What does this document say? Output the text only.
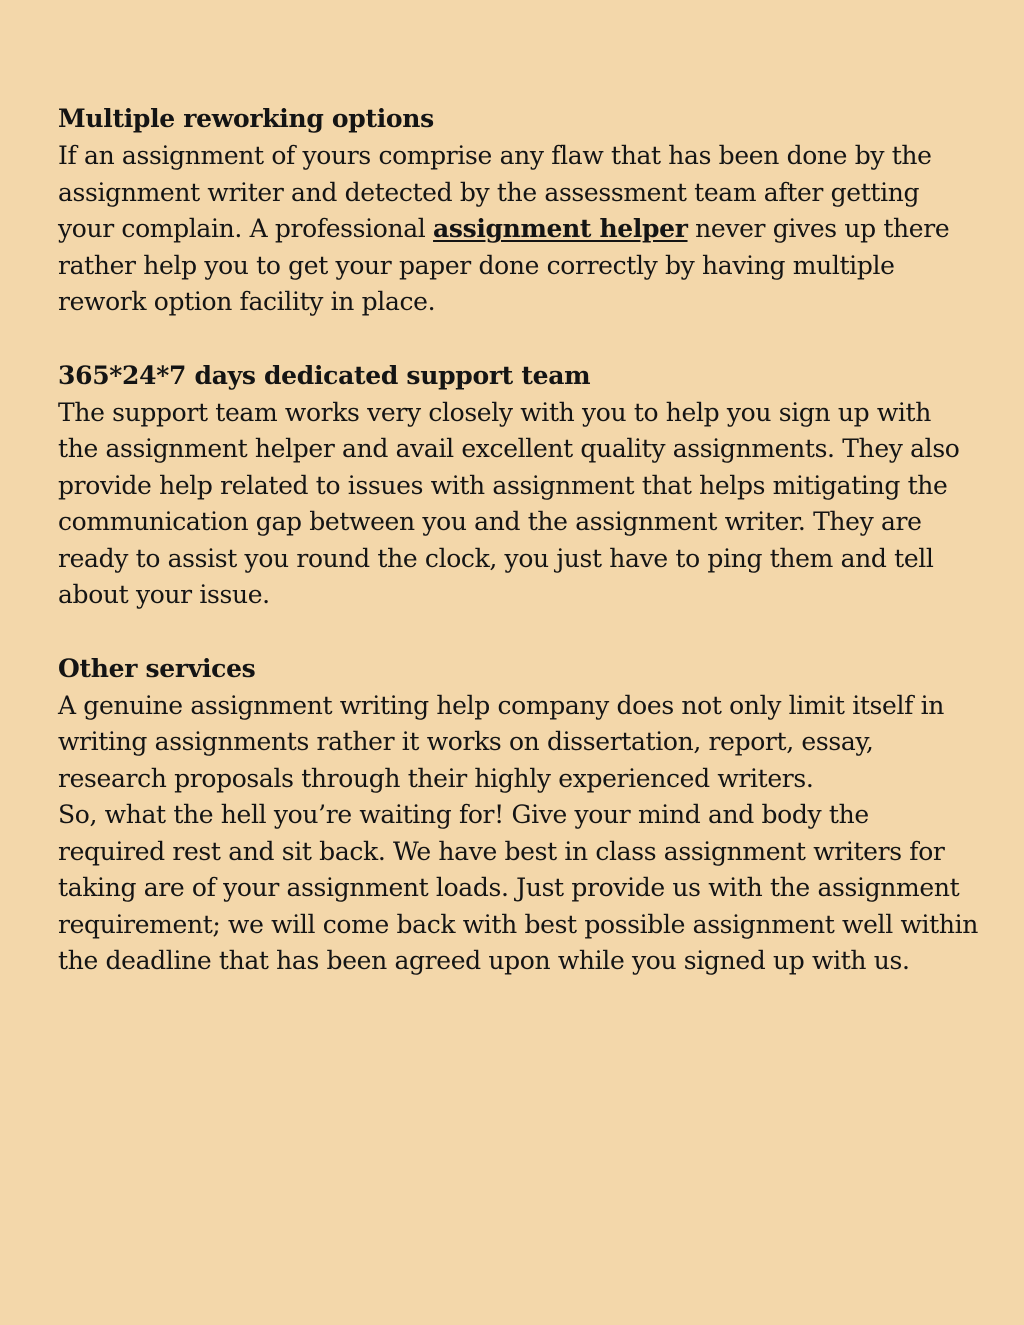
Multiple reworking options

If an assignment of yours comprise any flaw that has been done by the assignment writer and detected by the assessment team after getting your complain. A professional assignment helper never gives up there rather help you to get your paper done correctly by having multiple rework option facility in place.

365*24*7 days dedicated support team

The support team works very closely with you to help you sign up with the assignment helper and avail excellent quality assignments. They also provide help related to issues with assignment that helps mitigating the communication gap between you and the assignment writer. They are ready to assist you round the clock, you just have to ping them and tell about your issue.

Other services

A genuine assignment writing help company does not only limit itself in writing assignments rather it works on dissertation, report, essay, research proposals through their highly experienced writers.

So, what the hell you’re waiting for! Give your mind and body the required rest and sit back. We have best in class assignment writers for taking are of your assignment loads. Just provide us with the assignment requirement; we will come back with best possible assignment well within the deadline that has been agreed upon while you signed up with us.
